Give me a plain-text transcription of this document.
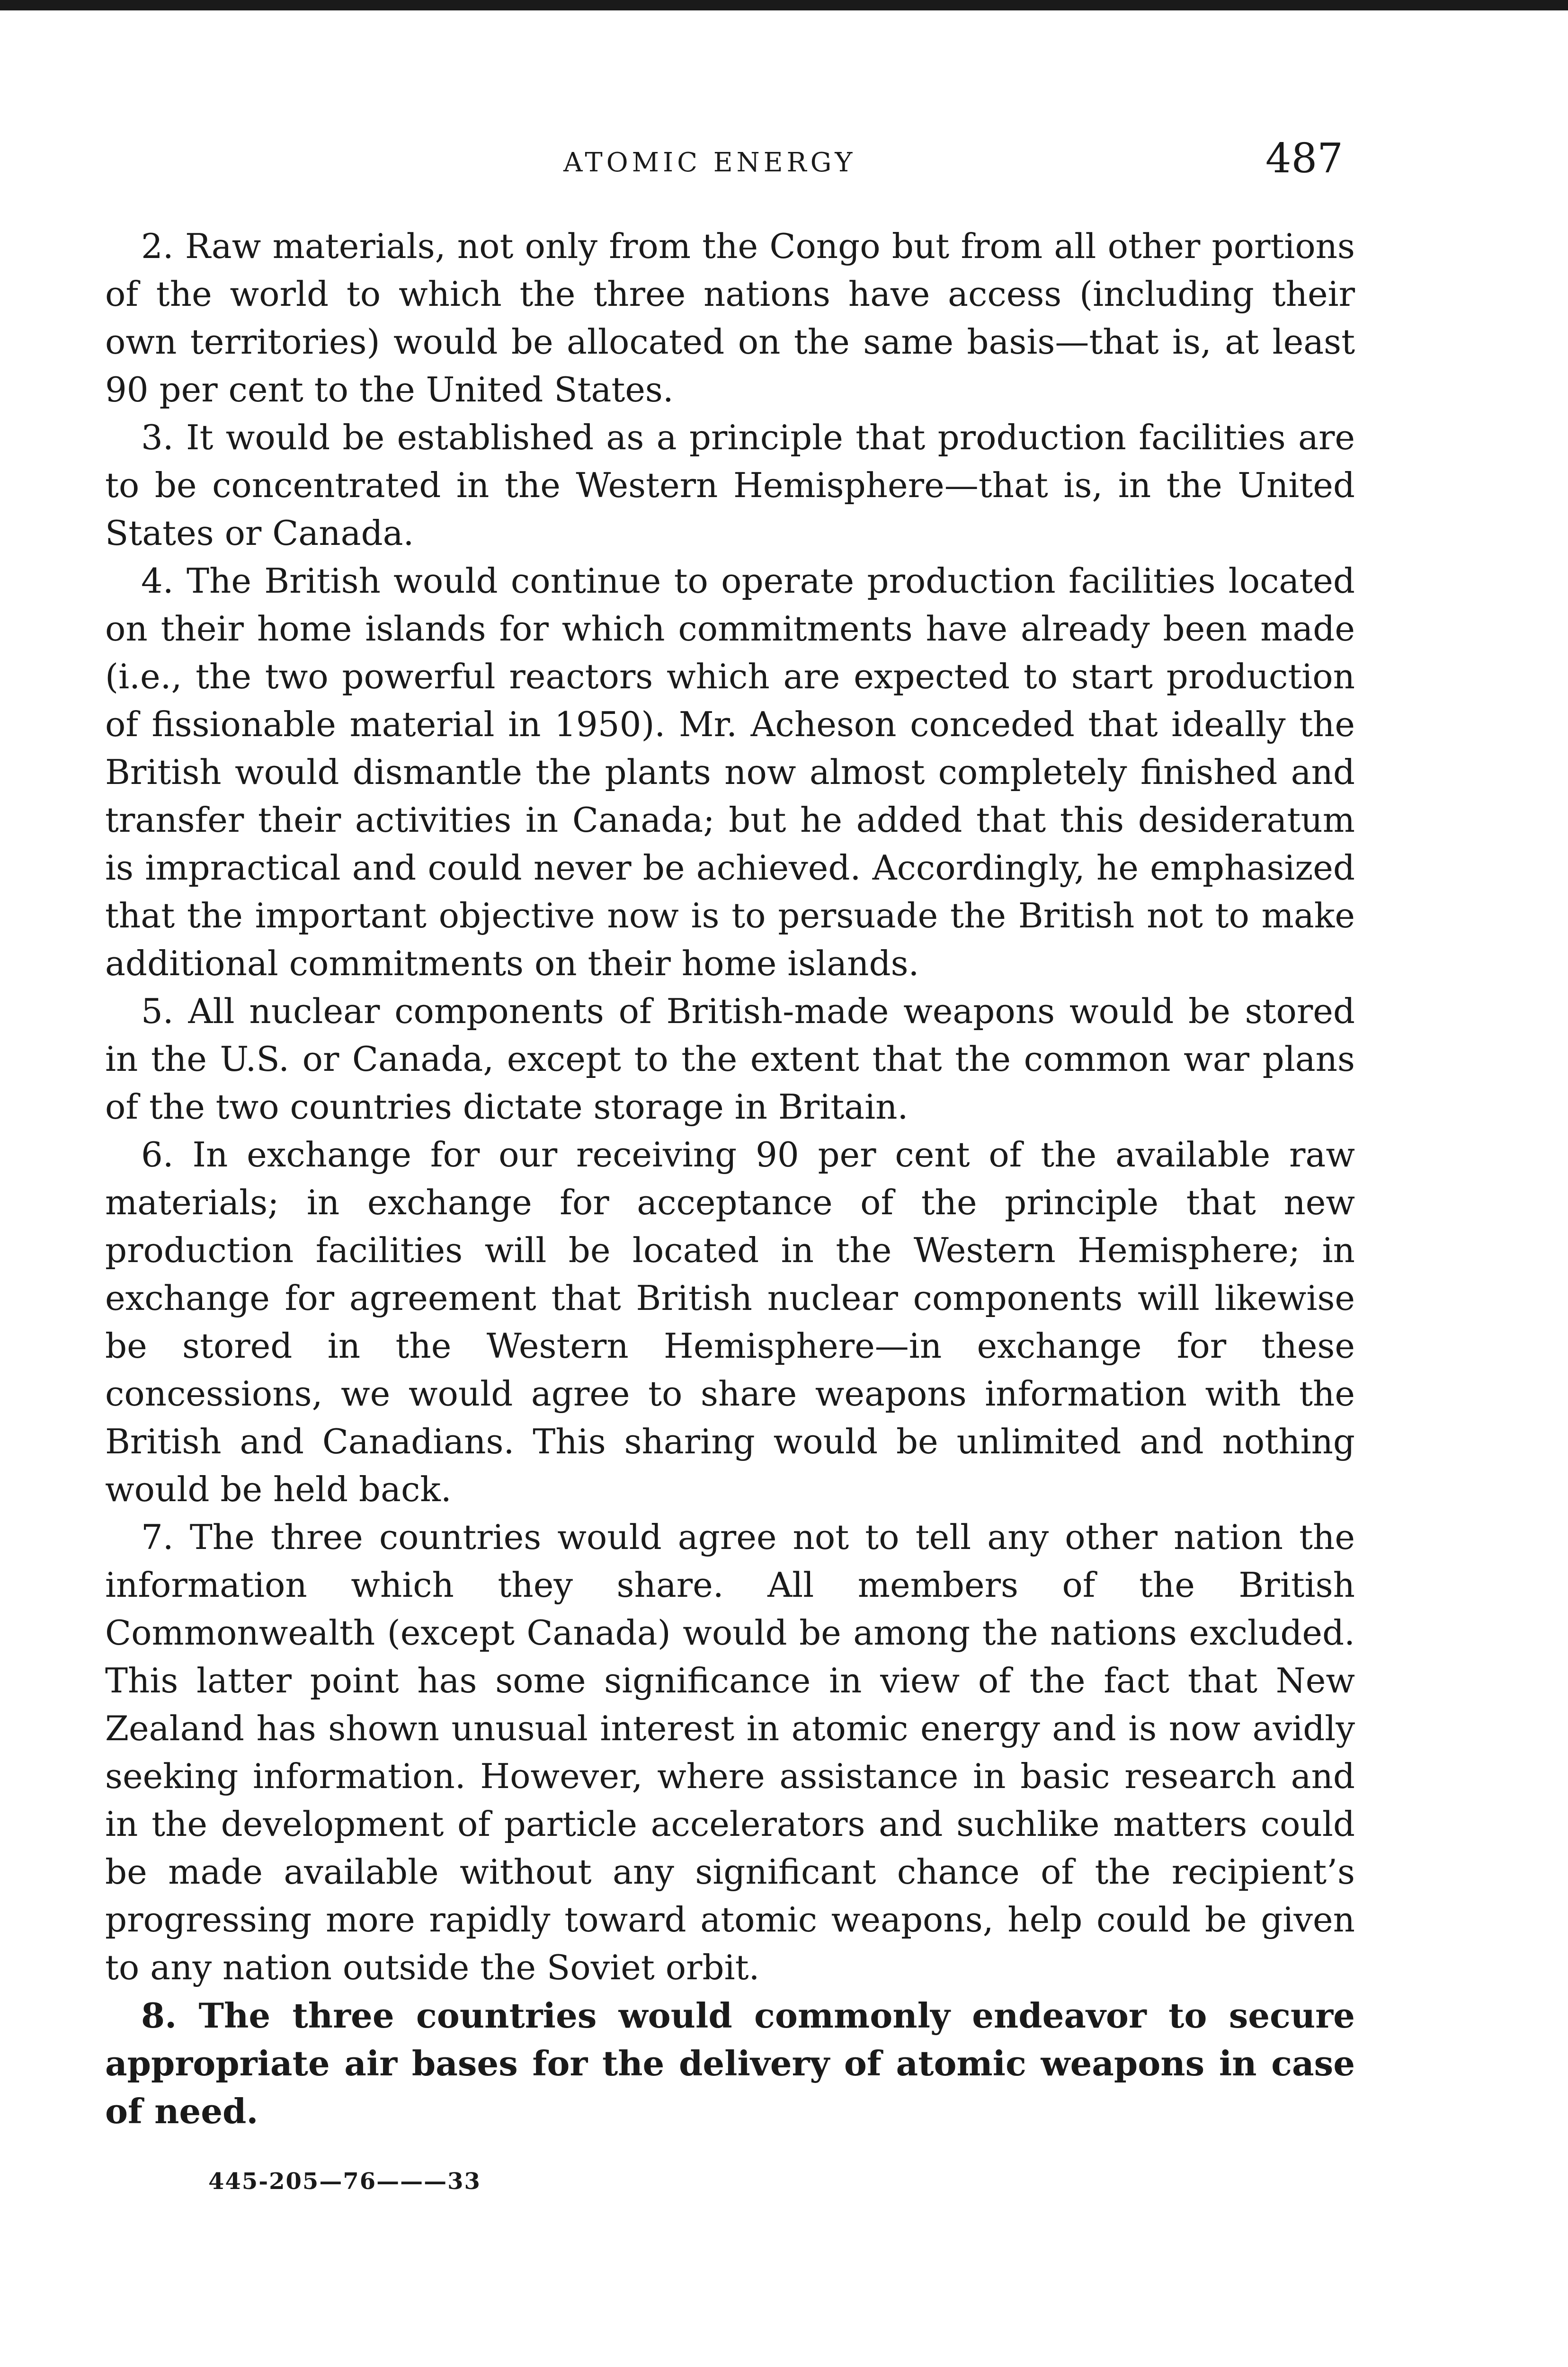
ATOMIC ENERGY	487

2. Raw materials, not only from the Congo but from all other portions of the world to which the three nations have access (including their own territories) would be allocated on the same basis—that is, at least 90 per cent to the United States.

3. It would be established as a principle that production facilities are to be concentrated in the Western Hemisphere—that is, in the United States or Canada.

4. The British would continue to operate production facilities located on their home islands for which commitments have already been made (i.e., the two powerful reactors which are expected to start production of fissionable material in 1950). Mr. Acheson conceded that ideally the British would dismantle the plants now almost completely finished and transfer their activities in Canada; but he added that this desideratum is impractical and could never be achieved. Accordingly, he emphasized that the important objective now is to persuade the British not to make additional commitments on their home islands.

5. All nuclear components of British-made weapons would be stored in the U.S. or Canada, except to the extent that the common war plans of the two countries dictate storage in Britain.

6. In exchange for our receiving 90 per cent of the available raw materials; in exchange for acceptance of the principle that new production facilities will be located in the Western Hemisphere; in exchange for agreement that British nuclear components will likewise be stored in the Western Hemisphere—in exchange for these concessions, we would agree to share weapons information with the British and Canadians. This sharing would be unlimited and nothing would be held back.

7. The three countries would agree not to tell any other nation the information which they share. All members of the British Commonwealth (except Canada) would be among the nations excluded. This latter point has some significance in view of the fact that New Zealand has shown unusual interest in atomic energy and is now avidly seeking information. However, where assistance in basic research and in the development of particle accelerators and suchlike matters could be made available without any significant chance of the recipient’s progressing more rapidly toward atomic weapons, help could be given to any nation outside the Soviet orbit.

8. The three countries would commonly endeavor to secure appropriate air bases for the delivery of atomic weapons in case of need.

445-205—76———33
